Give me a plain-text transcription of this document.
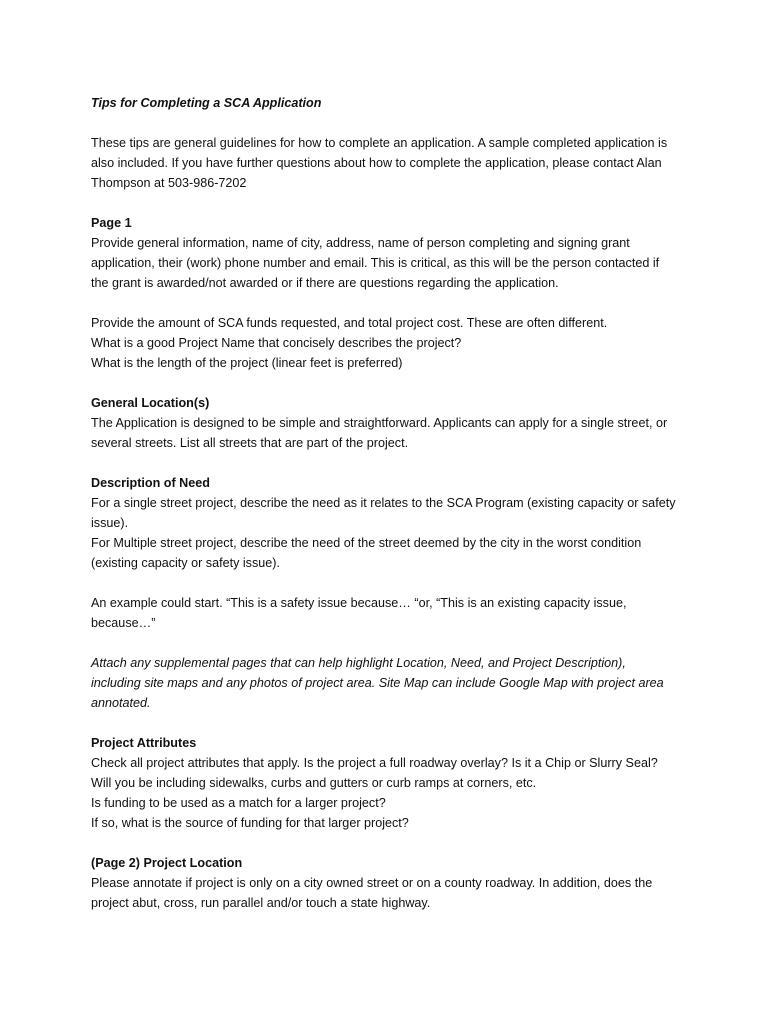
Tips for Completing a SCA Application
These tips are general guidelines for how to complete an application. A sample completed application is
also included. If you have further questions about how to complete the application, please contact Alan
Thompson at 503-986-7202
Page 1
Provide general information, name of city, address, name of person completing and signing grant
application, their (work) phone number and email. This is critical, as this will be the person contacted if
the grant is awarded/not awarded or if there are questions regarding the application.
Provide the amount of SCA funds requested, and total project cost. These are often different.
What is a good Project Name that concisely describes the project?
What is the length of the project (linear feet is preferred)
General Location(s)
The Application is designed to be simple and straightforward. Applicants can apply for a single street, or
several streets. List all streets that are part of the project.
Description of Need
For a single street project, describe the need as it relates to the SCA Program (existing capacity or safety
issue).
For Multiple street project, describe the need of the street deemed by the city in the worst condition
(existing capacity or safety issue).
An example could start. “This is a safety issue because… “or, “This is an existing capacity issue,
because…”
Attach any supplemental pages that can help highlight Location, Need, and Project Description),
including site maps and any photos of project area. Site Map can include Google Map with project area
annotated.
Project Attributes
Check all project attributes that apply. Is the project a full roadway overlay? Is it a Chip or Slurry Seal?
Will you be including sidewalks, curbs and gutters or curb ramps at corners, etc.
Is funding to be used as a match for a larger project?
If so, what is the source of funding for that larger project?
(Page 2) Project Location
Please annotate if project is only on a city owned street or on a county roadway. In addition, does the
project abut, cross, run parallel and/or touch a state highway.
